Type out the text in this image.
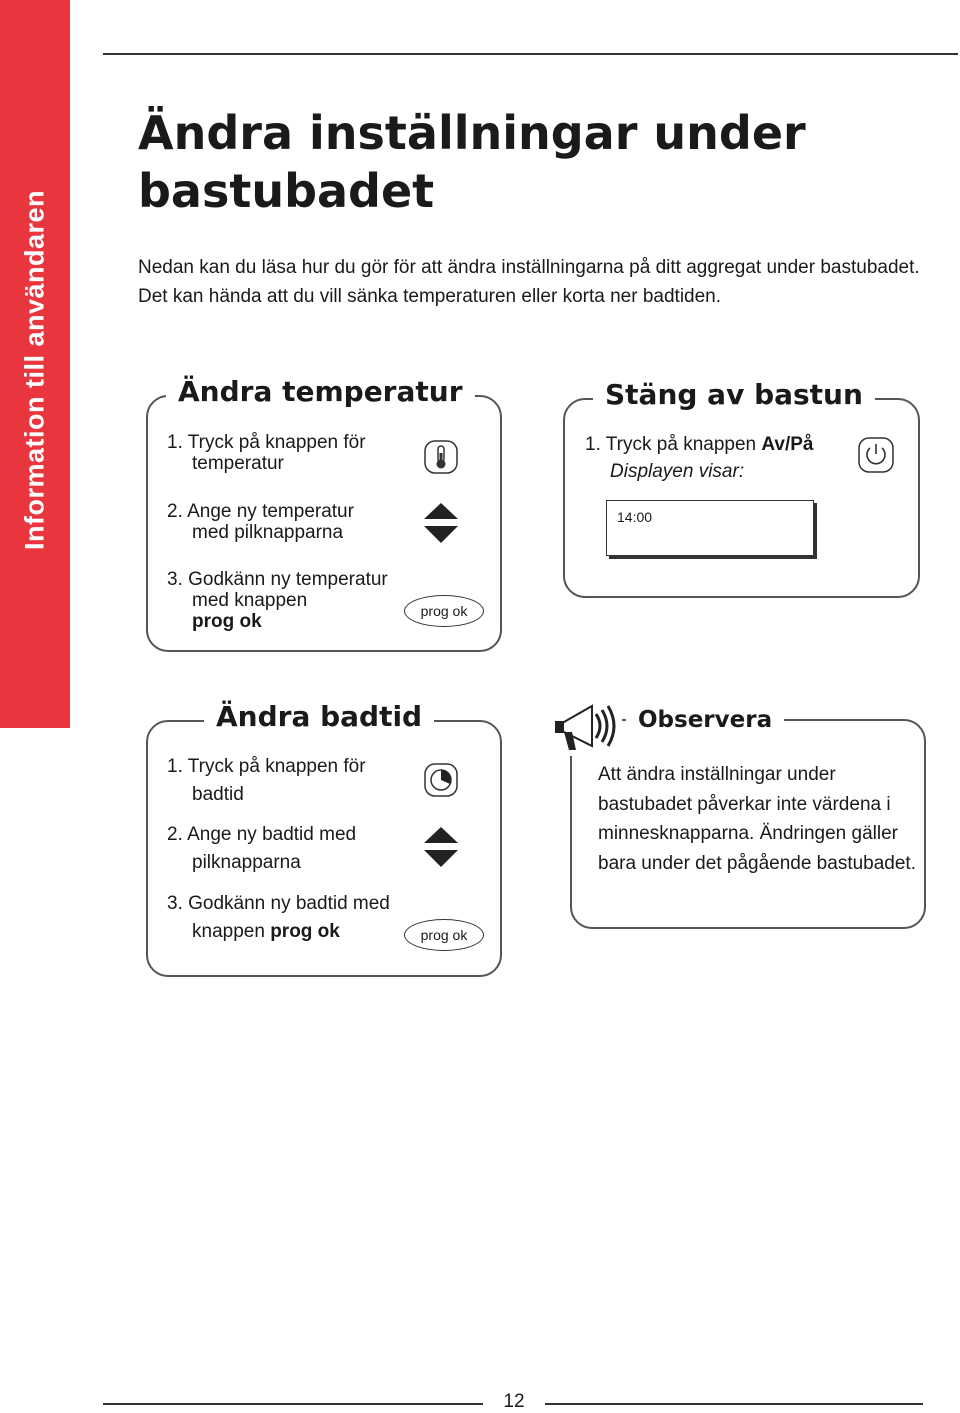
Information till användaren
Ändra inställningar under bastubadet

Nedan kan du läsa hur du gör för att ändra inställningarna på ditt aggregat under bastubadet. Det kan hända att du vill sänka temperaturen eller korta ner badtiden.

Ändra temperatur
1. Tryck på knappen för
temperatur
2. Ange ny temperatur
med pilknapparna
3. Godkänn ny temperatur
med knappen
prog ok	prog ok
Stäng av bastun
1. Tryck på knappen Av/På
Displayen visar:
14:00
Ändra badtid
1. Tryck på knappen för
badtid
2. Ange ny badtid med
pilknapparna
3. Godkänn ny badtid med
knappen prog ok	prog ok
Observera

Att ändra inställningar under bastubadet påverkar inte värdena i minnesknapparna. Ändringen gäller bara under det pågående bastubadet.

12
